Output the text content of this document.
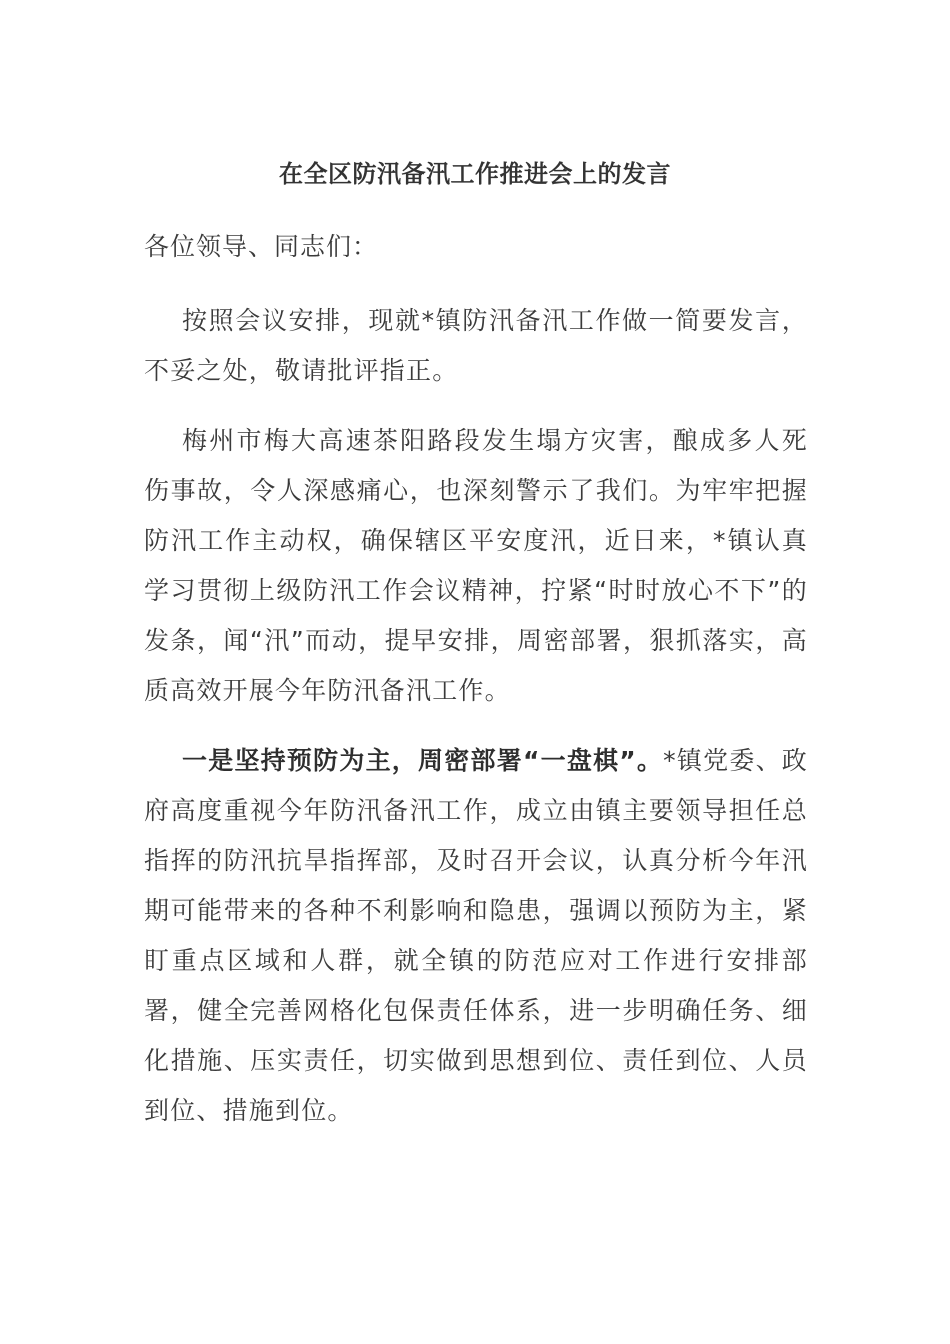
在全区防汛备汛工作推进会上的发言

各位领导、同志们：

按照会议安排，现就*镇防汛备汛工作做一简要发言，不妥之处，敬请批评指正。

梅州市梅大高速茶阳路段发生塌方灾害，酿成多人死伤事故，令人深感痛心，也深刻警示了我们。为牢牢把握防汛工作主动权，确保辖区平安度汛，近日来，*镇认真学习贯彻上级防汛工作会议精神，拧紧“时时放心不下”的发条，闻“汛”而动，提早安排，周密部署，狠抓落实，高质高效开展今年防汛备汛工作。

一是坚持预防为主，周密部署“一盘棋”。*镇党委、政府高度重视今年防汛备汛工作，成立由镇主要领导担任总指挥的防汛抗旱指挥部，及时召开会议，认真分析今年汛期可能带来的各种不利影响和隐患，强调以预防为主，紧盯重点区域和人群，就全镇的防范应对工作进行安排部署，健全完善网格化包保责任体系，进一步明确任务、细化措施、压实责任，切实做到思想到位、责任到位、人员到位、措施到位。
